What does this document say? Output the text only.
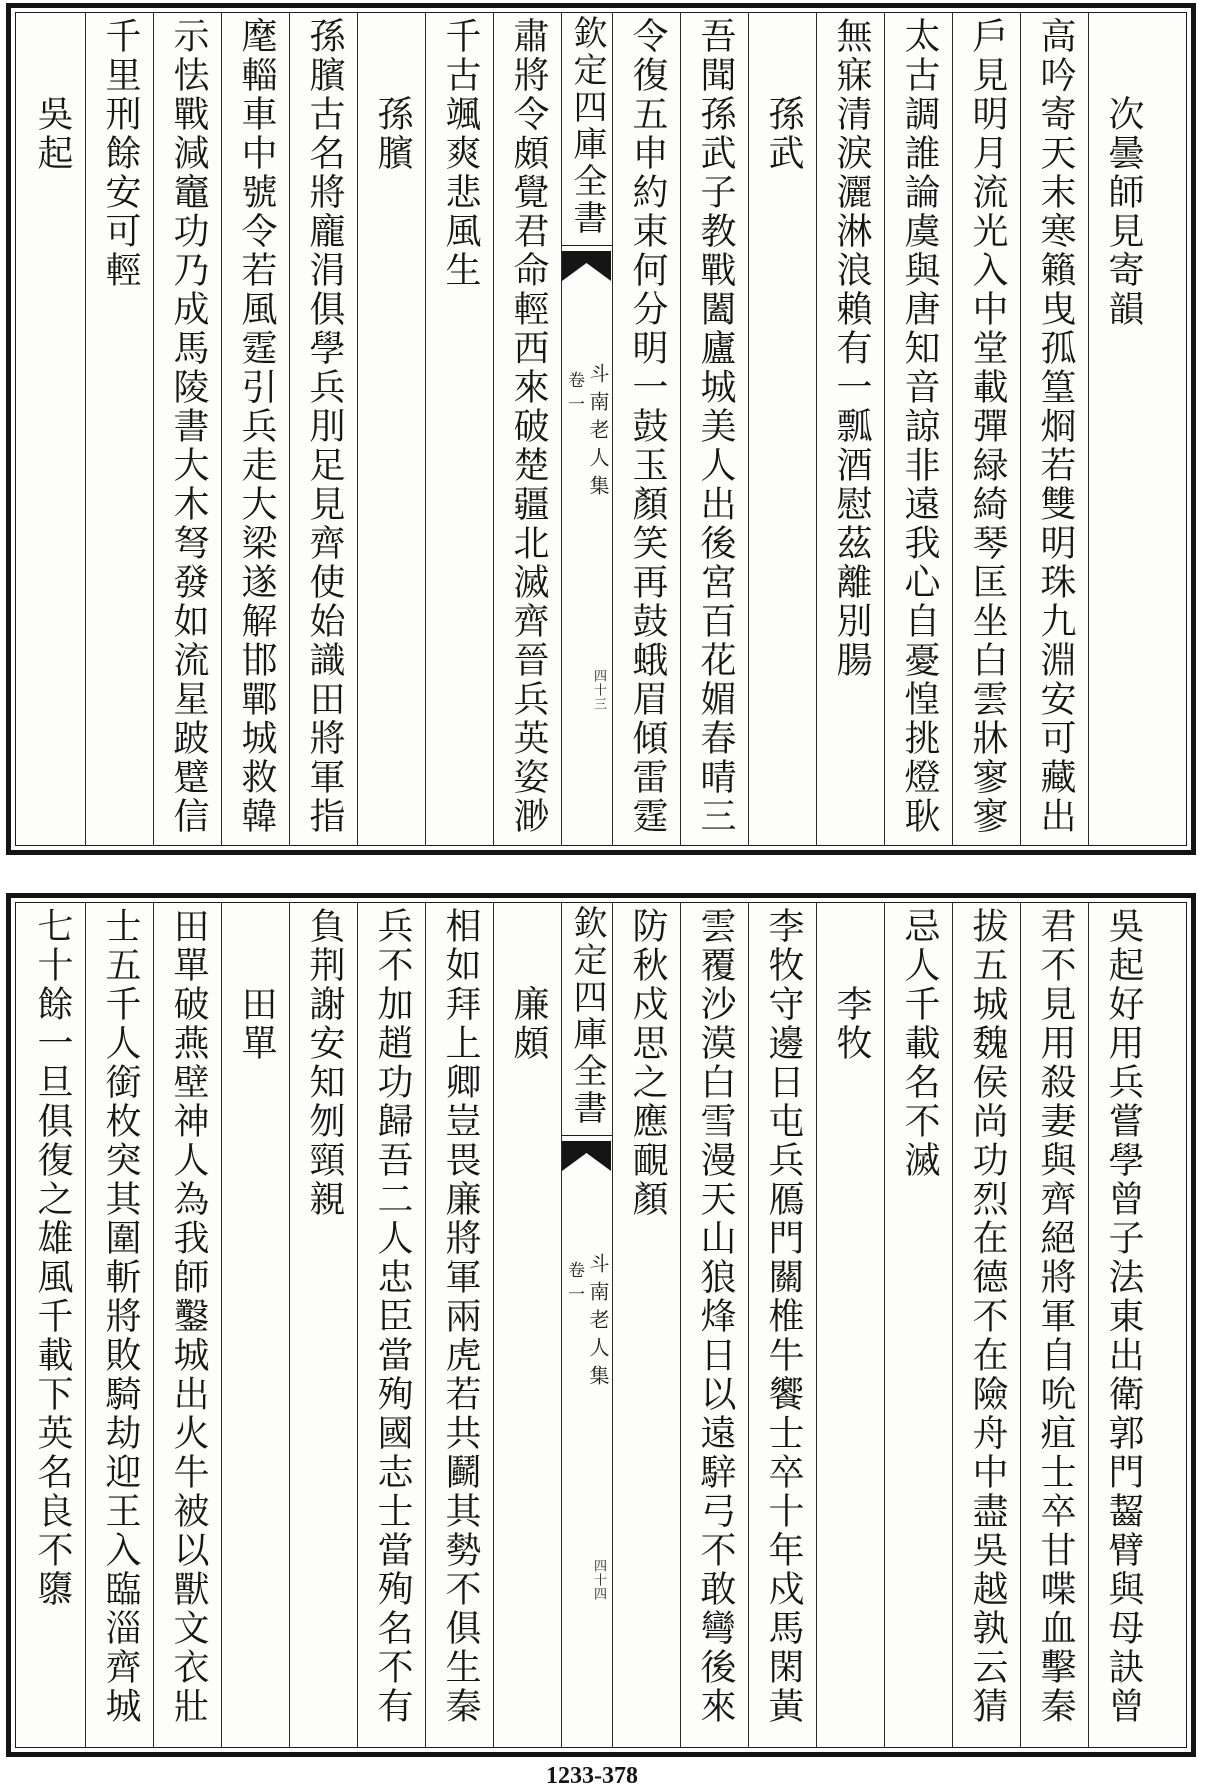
次曇師見寄韻
高吟寄天末寒籟曳孤篁烱若雙明珠九淵安可藏出
戶見明月流光入中堂載彈緑綺琴匡坐白雲牀寥寥
太古調誰論虞與唐知音諒非遠我心自憂惶挑燈耿
無寐清淚灑淋浪賴有一瓢酒慰茲離別腸
孫武
吾聞孫武子教戰闔廬城美人出後宮百花媚春晴三
令復五申約束何分明一鼓玉顏笑再鼓蛾眉傾雷霆
欽定四庫全書
斗南老人集
卷一
四十三
肅將令頗覺君命輕西來破楚疆北滅齊晉兵英姿渺
千古颯爽悲風生
孫臏
孫臏古名將龐涓俱學兵刖足見齊使始識田將軍指
麾輜車中號令若風霆引兵走大梁遂解邯鄲城救韓
示怯戰減竈功乃成馬陵書大木弩發如流星跛躄信
千里刑餘安可輕
吳起
吳起好用兵嘗學曾子法東出衛郭門齧臂與母訣曾
君不見用殺妻與齊絕將軍自吮疽士卒甘喋血擊秦
拔五城魏侯尚功烈在德不在險舟中盡吳越孰云猜
忌人千載名不滅
李牧
李牧守邊日屯兵鴈門關椎牛饗士卒十年戍馬閑黃
雲覆沙漠白雪漫天山狼烽日以遠騂弓不敢彎後來
防秋戍思之應靦顏
欽定四庫全書
斗南老人集
卷一
四十四
廉頗
相如拜上卿豈畏廉將軍兩虎若共鬬其勢不俱生秦
兵不加趙功歸吾二人忠臣當殉國志士當殉名不有
負荆謝安知刎頸親
田單
田單破燕壁神人為我師鑿城出火牛被以獸文衣壯
士五千人銜枚突其圍斬將敗騎劫迎王入臨淄齊城
七十餘一旦俱復之雄風千載下英名良不隳
1233-378
